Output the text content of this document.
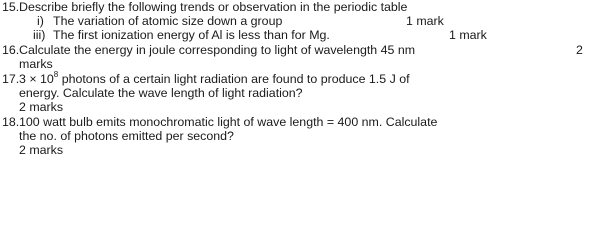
15. Describe briefly the following trends or observation in the periodic table
i) The variation of atomic size down a group	1 mark
iii) The first ionization energy of Al is less than for Mg.	1 mark
16. Calculate the energy in joule corresponding to light of wavelength 45 nm	2
marks
17. $3 \times 10^8$ photons of a certain light radiation are found to produce 1.5 J of
energy. Calculate the wave length of light radiation?
2 marks
18. 100 watt bulb emits monochromatic light of wave length = 400 nm. Calculate
the no. of photons emitted per second?
2 marks
